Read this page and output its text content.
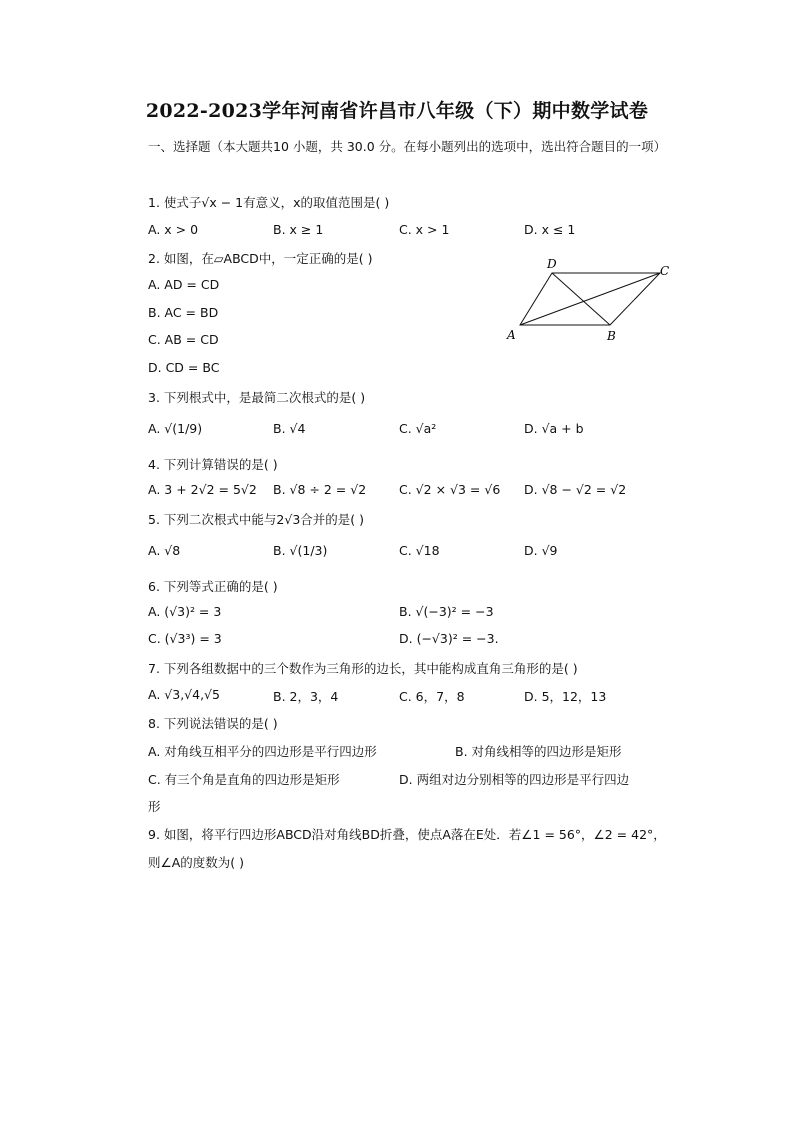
2022-2023学年河南省许昌市八年级（下）期中数学试卷
一、选择题（本大题共10 小题，共 30.0 分。在每小题列出的选项中，选出符合题目的一项）
1. 使式子√x − 1有意义，x的取值范围是( )
A. x > 0	B. x ≥ 1	C. x > 1	D. x ≤ 1
2. 如图，在▱ABCD中，一定正确的是( )
A. AD = CD
B. AC = BD
C. AB = CD
D. CD = BC
D	C
A	B
3. 下列根式中，是最简二次根式的是( )
A. √(1/9)	B. √4	C. √a²	D. √a + b
4. 下列计算错误的是( )
A. 3 + 2√2 = 5√2 B. √8 ÷ 2 = √2	C. √2 × √3 = √6 D. √8 − √2 = √2
5. 下列二次根式中能与2√3合并的是( )
A. √8	B. √(1/3)	C. √18	D. √9
6. 下列等式正确的是( )
A. (√3)² = 3	B. √(−3)² = −3
C. (√3³) = 3	D. (−√3)² = −3.
7. 下列各组数据中的三个数作为三角形的边长，其中能构成直角三角形的是( )
A. √3,√4,√5	B. 2，3，4	C. 6，7，8	D. 5，12，13
8. 下列说法错误的是( )
A. 对角线互相平分的四边形是平行四边形	B. 对角线相等的四边形是矩形
C. 有三个角是直角的四边形是矩形	D. 两组对边分别相等的四边形是平行四边
形
9. 如图，将平行四边形ABCD沿对角线BD折叠，使点A落在E处．若∠1 = 56°，∠2 = 42°，
则∠A的度数为( )
